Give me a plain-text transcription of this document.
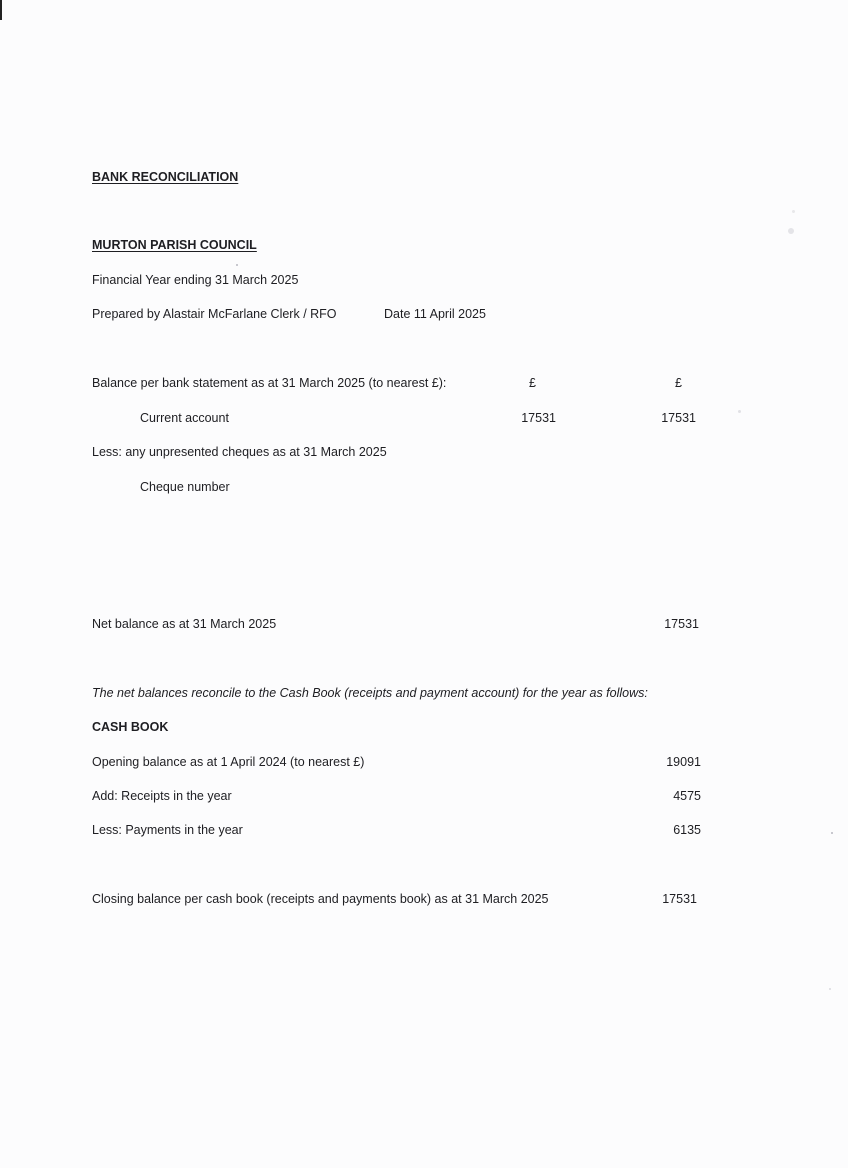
BANK RECONCILIATION
MURTON PARISH COUNCIL
Financial Year ending 31 March 2025
Prepared by Alastair McFarlane Clerk / RFO	Date 11 April 2025
Balance per bank statement as at 31 March 2025 (to nearest £):	£	£
Current account	17531	17531
Less: any unpresented cheques as at 31 March 2025
Cheque number
Net balance as at 31 March 2025	17531
The net balances reconcile to the Cash Book (receipts and payment account) for the year as follows:
CASH BOOK
Opening balance as at 1 April 2024 (to nearest £)	19091
Add: Receipts in the year	4575
Less: Payments in the year	6135
Closing balance per cash book (receipts and payments book) as at 31 March 2025	17531
